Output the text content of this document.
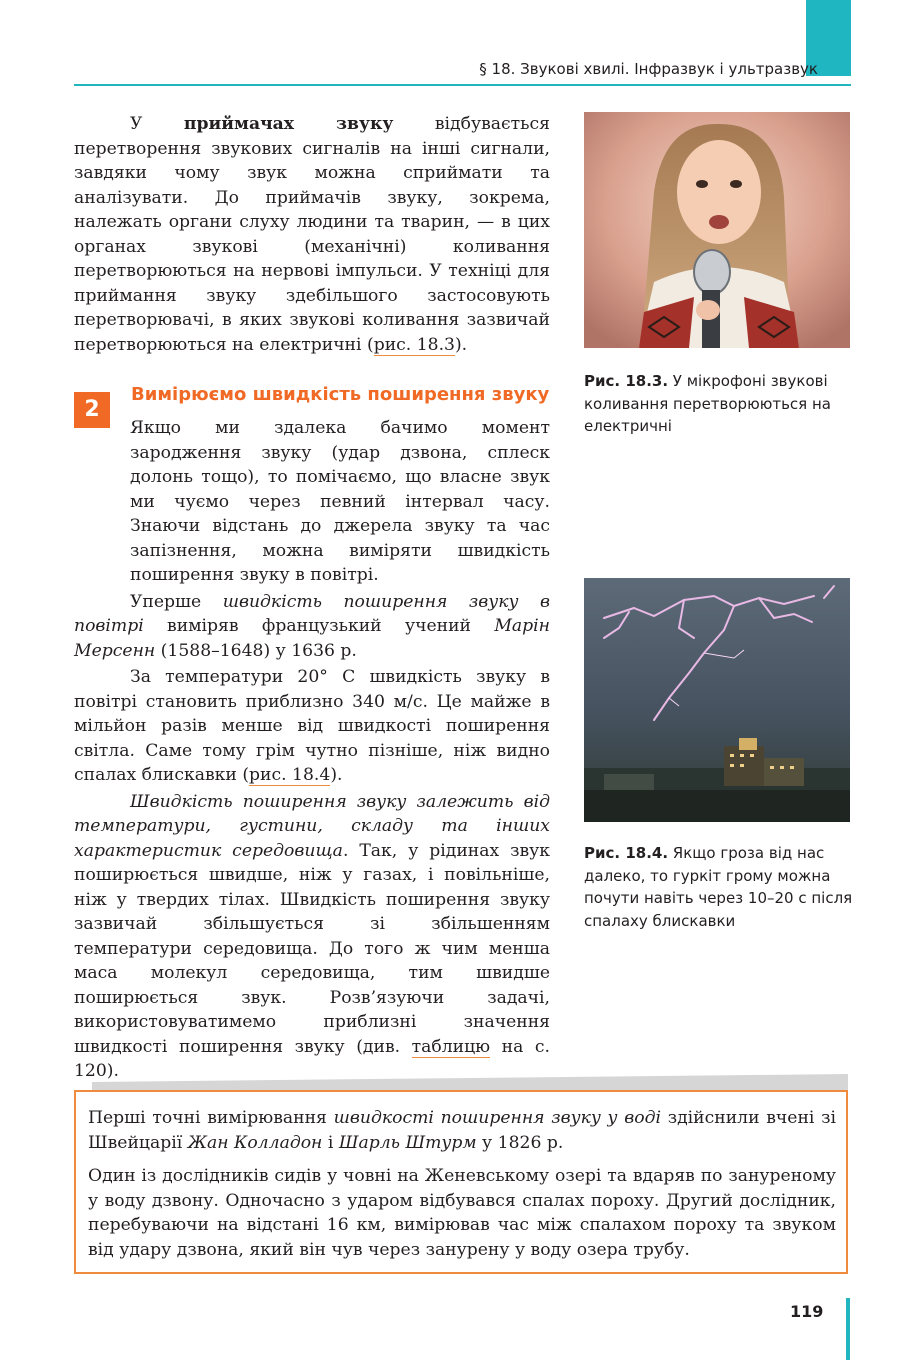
§ 18. Звукові хвилі. Інфразвук і ультразвук

У приймачах звуку відбувається перетворення звукових сигналів на інші сигнали, завдяки чому звук можна сприймати та аналізувати. До приймачів звуку, зокрема, належать органи слуху людини та тварин, — в цих органах звукові (механічні) коливання перетворюються на нервові імпульси. У техніці для приймання звуку здебільшого застосовують перетворювачі, в яких звукові коливання зазвичай перетворюються на електричні (рис. 18.3).

2
Вимірюємо швидкість поширення звуку

Якщо ми здалека бачимо момент зародження звуку (удар дзвона, сплеск долонь тощо), то помічаємо, що власне звук ми чуємо через певний інтервал часу. Знаючи відстань до джерела звуку та час запізнення, можна виміряти швидкість поширення звуку в повітрі.

Уперше швидкість поширення звуку в повітрі виміряв французький учений Марін Мерсенн (1588–1648) у 1636 р.

За температури 20° С швидкість звуку в повітрі становить приблизно 340 м/с. Це майже в мільйон разів менше від швидкості поширення світла. Саме тому грім чутно пізніше, ніж видно спалах блискавки (рис. 18.4).

Швидкість поширення звуку залежить від температури, густини, складу та інших характеристик середовища. Так, у рідинах звук поширюється швидше, ніж у газах, і повільніше, ніж у твердих тілах. Швидкість поширення звуку зазвичай збільшується зі збільшенням температури середовища. До того ж чим менша маса молекул середовища, тим швидше поширюється звук. Розв’язуючи задачі, використовуватимемо приблизні значення швидкості поширення звуку (див. таблицю на с. 120).

Рис. 18.3. У мікрофоні звукові коливання перетворюються на електричні
Рис. 18.4. Якщо гроза від нас далеко, то гуркіт грому можна почути навіть через 10–20 с після спалаху блискавки

Перші точні вимірювання швидкості поширення звуку у воді здійснили вчені зі Швейцарії Жан Колладон і Шарль Штурм у 1826 р.

Один із дослідників сидів у човні на Женевському озері та вдаряв по зануреному у воду дзвону. Одночасно з ударом відбувався спалах пороху. Другий дослідник, перебуваючи на відстані 16 км, вимірював час між спалахом пороху та звуком від удару дзвона, який він чув через занурену у воду озера трубу.

119
